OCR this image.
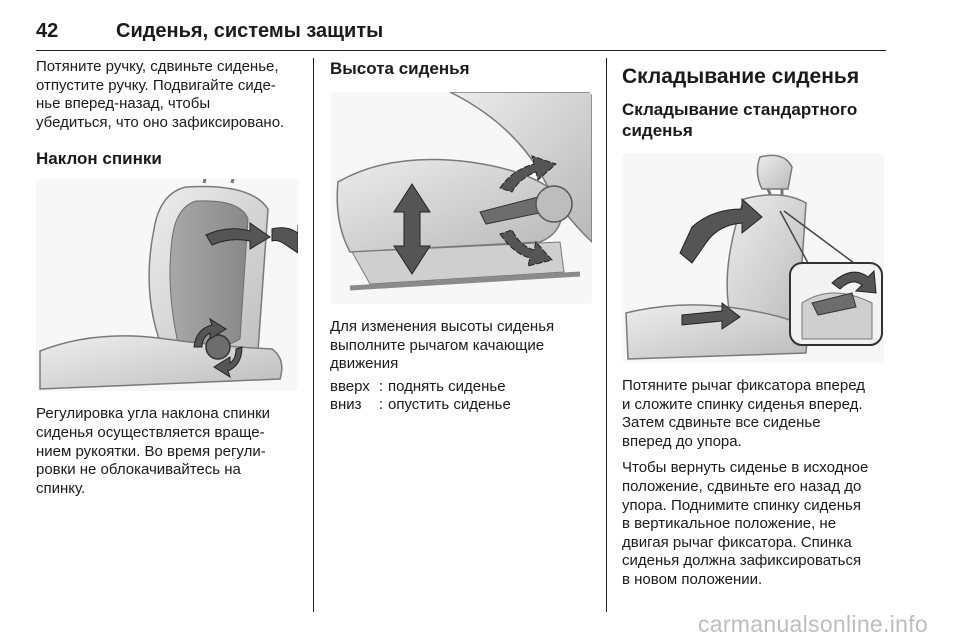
42	Сиденья, системы защиты

Потяните ручку, сдвиньте сиденье,
отпустите ручку. Подвигайте сиде-
нье вперед-назад, чтобы
убедиться, что оно зафиксировано.

Наклон спинки

Регулировка угла наклона спинки
сиденья осуществляется враще-
нием рукоятки. Во время регули-
ровки не облокачивайтесь на
спинку.

Высота сиденья

Для изменения высоты сиденья
выполните рычагом качающие
движения

вверх	:	поднять сиденье
вниз	:	опустить сиденье
Складывание сиденья
Складывание стандартного
сиденья

Потяните рычаг фиксатора вперед
и сложите спинку сиденья вперед.
Затем сдвиньте все сиденье
вперед до упора.

Чтобы вернуть сиденье в исходное
положение, сдвиньте его назад до
упора. Поднимите спинку сиденья
в вертикальное положение, не
двигая рычаг фиксатора. Спинка
сиденья должна зафиксироваться
в новом положении.

carmanualsonline.info
